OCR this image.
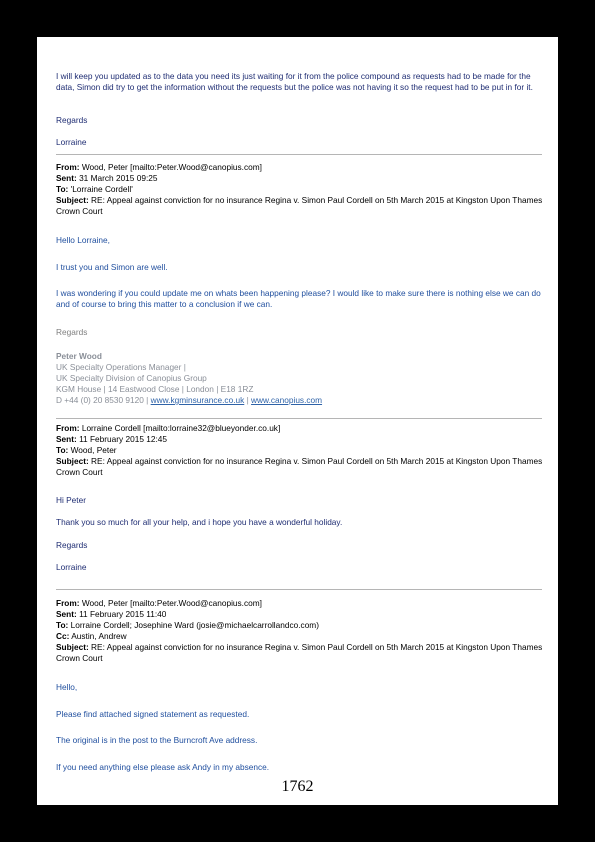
I will keep you updated as to the data you need its just waiting for it from the police compound as requests had to be made for the data, Simon did try to get the information without the requests but the police was not having it so the request had to be put in for it.
Regards
Lorraine
From: Wood, Peter [mailto:Peter.Wood@canopius.com]
Sent: 31 March 2015 09:25
To: 'Lorraine Cordell'
Subject: RE: Appeal against conviction for no insurance Regina v. Simon Paul Cordell on 5th March 2015 at Kingston Upon Thames Crown Court
Hello Lorraine,
I trust you and Simon are well.
I was wondering if you could update me on whats been happening please? I would like to make sure there is nothing else we can do and of course to bring this matter to a conclusion if we can.
Regards
Peter Wood
UK Specialty Operations Manager |
UK Specialty Division of Canopius Group
KGM House | 14 Eastwood Close | London | E18 1RZ
D +44 (0) 20 8530 9120 | www.kgminsurance.co.uk | www.canopius.com
From: Lorraine Cordell [mailto:lorraine32@blueyonder.co.uk]
Sent: 11 February 2015 12:45
To: Wood, Peter
Subject: RE: Appeal against conviction for no insurance Regina v. Simon Paul Cordell on 5th March 2015 at Kingston Upon Thames Crown Court
Hi Peter
Thank you so much for all your help, and i hope you have a wonderful holiday.
Regards
Lorraine
From: Wood, Peter [mailto:Peter.Wood@canopius.com]
Sent: 11 February 2015 11:40
To: Lorraine Cordell; Josephine Ward (josie@michaelcarrollandco.com)
Cc: Austin, Andrew
Subject: RE: Appeal against conviction for no insurance Regina v. Simon Paul Cordell on 5th March 2015 at Kingston Upon Thames Crown Court
Hello,
Please find attached signed statement as requested.
The original is in the post to the Burncroft Ave address.
If you need anything else please ask Andy in my absence.
1762
